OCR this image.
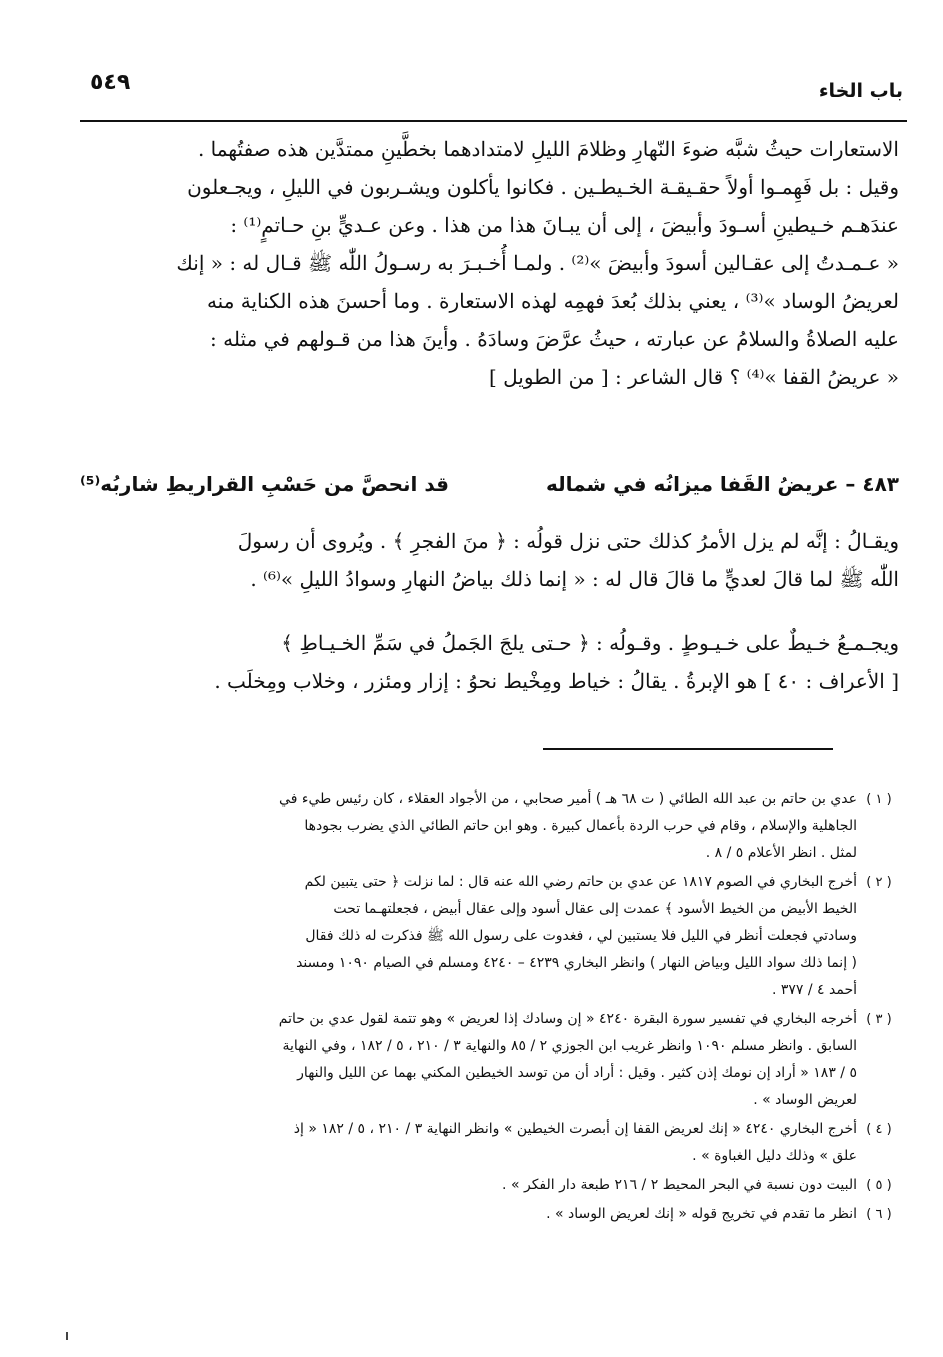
باب الخاء
٥٤٩
الاستعارات حيثُ شبَّه ضوءَ النّهارِ وظلامَ الليلِ لامتدادهما بخطَّينِ ممتدَّين هذه صفتُهما .
وقيل : بل فَهِمـوا أولاً حقـيقـة الخـيطـين . فكانوا يأكلون ويشـربون في الليلِ ، ويجـعلون
عندَهـم خـيطينِ أسـودَ وأبيضَ ، إلى أن يبـانَ هذا من هذا . وعن عـديٍّ بنِ حـاتمٍ⁽¹⁾ :
« عـمـدتُ إلى عقـالين أسودَ وأبيضَ »⁽²⁾ . ولمـا أُخـبـرَ به رسـولُ اللّٰه ﷺ قـال له : « إنك
لعريضُ الوساد »⁽³⁾ ، يعني بذلك بُعدَ فهمِه لهذه الاستعارة . وما أحسنَ هذه الكناية منه
عليه الصلاةُ والسلامُ عن عبارته ، حيثُ عرَّضَ وسادَهُ . وأينَ هذا من قـولهم في مثله :
« عريضُ القفا »⁽⁴⁾ ؟ قال الشاعر : [ من الطويل ]
٤٨٣ – عريضُ القَفا ميزانُه في شماله
قد انحصَّ من حَسْبِ القراريطِ شاربُه⁽⁵⁾
ويقـالُ : إنَّه لم يزل الأمرُ كذلك حتى نزل قولُه : ﴿ منَ الفجرِ ﴾ . ويُروى أن رسولَ
اللّٰه ﷺ لما قالَ لعديٍّ ما قالَ قال له : « إنما ذلك بياضُ النهارِ وسوادُ الليلِ »⁽⁶⁾ .
ويجـمـعُ خـيطٌ على خـيـوطٍ . وقـولُه : ﴿ حـتى يلجَ الجَملُ في سَمِّ الخـيـاطِ ﴾
[ الأعراف : ٤٠ ] هو الإبرةُ . يقالُ : خياط ومِخْيط نحوُ : إزار ومئزر ، وخلاب ومِخلَب .
( ١ )
عدي بن حاتم بن عبد الله الطائي ( ت ٦٨ هـ ) أمير صحابي ، من الأجواد العقلاء ، كان رئيس طيء في
الجاهلية والإسلام ، وقام في حرب الردة بأعمال كبيرة . وهو ابن حاتم الطائي الذي يضرب بجودها
لمثل . انظر الأعلام ٥ / ٨ .
( ٢ )
أخرج البخاري في الصوم ١٨١٧ عن عدي بن حاتم رضي الله عنه قال : لما نزلت ﴿ حتى يتبين لكم
الخيط الأبيض من الخيط الأسود ﴾ عمدت إلى عقال أسود وإلى عقال أبيض ، فجعلتهـما تحت
وسادتي فجعلت أنظر في الليل فلا يستبين لي ، فغدوت على رسول الله ﷺ فذكرت له ذلك فقال
( إنما ذلك سواد الليل وبياض النهار ) وانظر البخاري ٤٢٣٩ – ٤٢٤٠ ومسلم في الصيام ١٠٩٠ ومسند
أحمد ٤ / ٣٧٧ .
( ٣ )
أخرجه البخاري في تفسير سورة البقرة ٤٢٤٠ « إن وسادك إذا لعريض » وهو تتمة لقول عدي بن حاتم
السابق . وانظر مسلم ١٠٩٠ وانظر غريب ابن الجوزي ٢ / ٨٥ والنهاية ٣ / ٢١٠ ، ٥ / ١٨٢ ، وفي النهاية
٥ / ١٨٣ « أراد إن نومك إذن كثير . وقيل : أراد أن من توسد الخيطين المكني بهما عن الليل والنهار
لعريض الوساد » .
( ٤ )
أخرج البخاري ٤٢٤٠ « إنك لعريض القفا إن أبصرت الخيطين » وانظر النهاية ٣ / ٢١٠ ، ٥ / ١٨٢ « إذ
علق » وذلك دليل الغباوة » .
( ٥ )
البيت دون نسبة في البحر المحيط ٢ / ٢١٦ طبعة دار الفكر » .
( ٦ )
انظر ما تقدم في تخريج قوله « إنك لعريض الوساد » .
